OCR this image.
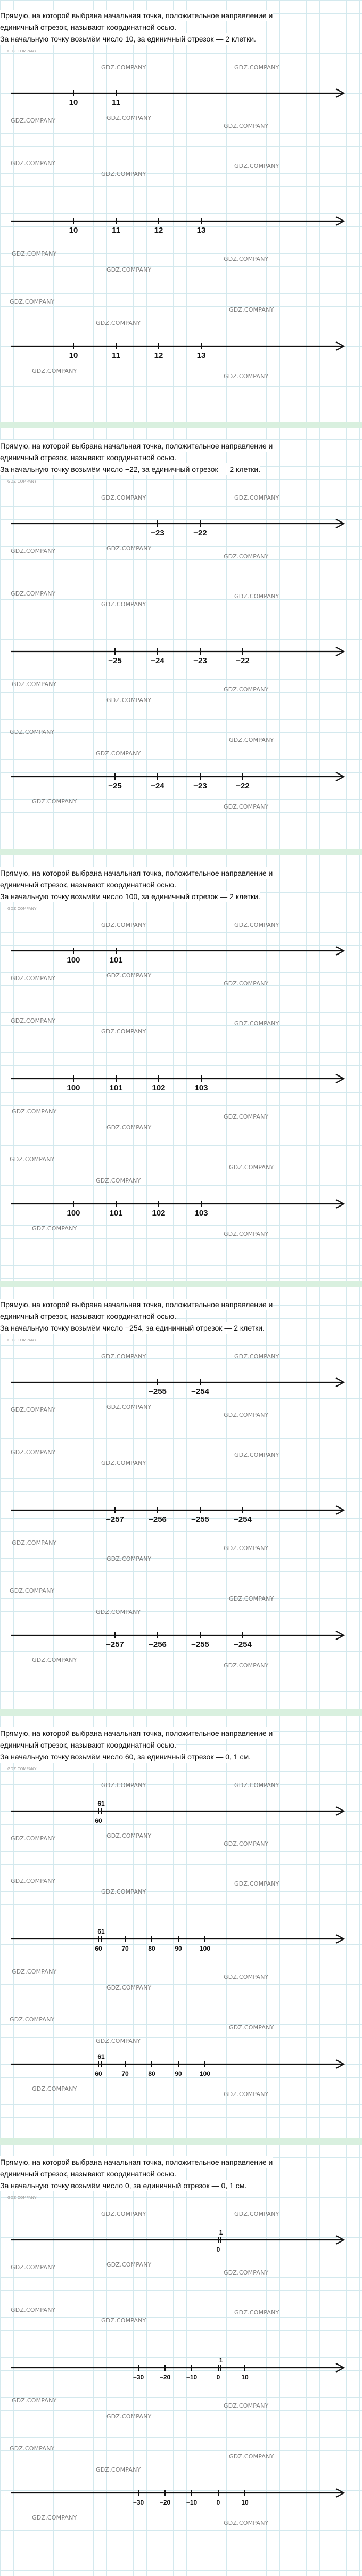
GDZ.COMPANY
GDZ.COMPANY	GDZ.COMPANY
GDZ.COMPANY	GDZ.COMPANY
GDZ.COMPANY
GDZ.COMPANY
GDZ.COMPANY
GDZ.COMPANY
GDZ.COMPANY
GDZ.COMPANY
GDZ.COMPANY
GDZ.COMPANY
GDZ.COMPANY
GDZ.COMPANY
GDZ.COMPANY
GDZ.COMPANY
Прямую, на которой выбрана начальная точка, положительное направление и
единичный отрезок, называют координатной осью.
За начальную точку возьмём число 10, за единичный отрезок — 2 клетки.
10	11
10	11	12	13
10	11	12	13
GDZ.COMPANY
GDZ.COMPANY	GDZ.COMPANY
GDZ.COMPANY	GDZ.COMPANY
GDZ.COMPANY
GDZ.COMPANY
GDZ.COMPANY
GDZ.COMPANY
GDZ.COMPANY
GDZ.COMPANY
GDZ.COMPANY
GDZ.COMPANY
GDZ.COMPANY
GDZ.COMPANY
GDZ.COMPANY
GDZ.COMPANY
Прямую, на которой выбрана начальная точка, положительное направление и
единичный отрезок, называют координатной осью.
За начальную точку возьмём число −22, за единичный отрезок — 2 клетки.
−23	−22
−25	−24	−23	−22
−25	−24	−23	−22
GDZ.COMPANY
GDZ.COMPANY	GDZ.COMPANY
GDZ.COMPANY	GDZ.COMPANY
GDZ.COMPANY
GDZ.COMPANY
GDZ.COMPANY
GDZ.COMPANY
GDZ.COMPANY
GDZ.COMPANY
GDZ.COMPANY
GDZ.COMPANY
GDZ.COMPANY
GDZ.COMPANY
GDZ.COMPANY
GDZ.COMPANY
Прямую, на которой выбрана начальная точка, положительное направление и
единичный отрезок, называют координатной осью.
За начальную точку возьмём число 100, за единичный отрезок — 2 клетки.
100	101
100	101	102	103
100	101	102	103
GDZ.COMPANY
GDZ.COMPANY	GDZ.COMPANY
GDZ.COMPANY	GDZ.COMPANY
GDZ.COMPANY
GDZ.COMPANY
GDZ.COMPANY
GDZ.COMPANY
GDZ.COMPANY
GDZ.COMPANY
GDZ.COMPANY
GDZ.COMPANY
GDZ.COMPANY
GDZ.COMPANY
GDZ.COMPANY
GDZ.COMPANY
Прямую, на которой выбрана начальная точка, положительное направление и
единичный отрезок, называют координатной осью.
За начальную точку возьмём число −254, за единичный отрезок — 2 клетки.
−255	−254
−257	−256	−255	−254
−257	−256	−255	−254
GDZ.COMPANY
GDZ.COMPANY	GDZ.COMPANY
GDZ.COMPANY	GDZ.COMPANY
GDZ.COMPANY
GDZ.COMPANY
GDZ.COMPANY
GDZ.COMPANY
GDZ.COMPANY
GDZ.COMPANY
GDZ.COMPANY
GDZ.COMPANY
GDZ.COMPANY
GDZ.COMPANY
GDZ.COMPANY
GDZ.COMPANY
Прямую, на которой выбрана начальная точка, положительное направление и
единичный отрезок, называют координатной осью.
За начальную точку возьмём число 60, за единичный отрезок — 0, 1 см.
60
61
60
61
70	80	90	100
60
61
70	80	90	100
GDZ.COMPANY
GDZ.COMPANY	GDZ.COMPANY
GDZ.COMPANY	GDZ.COMPANY
GDZ.COMPANY
GDZ.COMPANY
GDZ.COMPANY
GDZ.COMPANY
GDZ.COMPANY
GDZ.COMPANY
GDZ.COMPANY
GDZ.COMPANY
GDZ.COMPANY
GDZ.COMPANY
GDZ.COMPANY
GDZ.COMPANY
Прямую, на которой выбрана начальная точка, положительное направление и
единичный отрезок, называют координатной осью.
За начальную точку возьмём число 0, за единичный отрезок — 0, 1 см.
0
1
−30 −20 −10	0
1
10
−30 −20 −10	0	10
